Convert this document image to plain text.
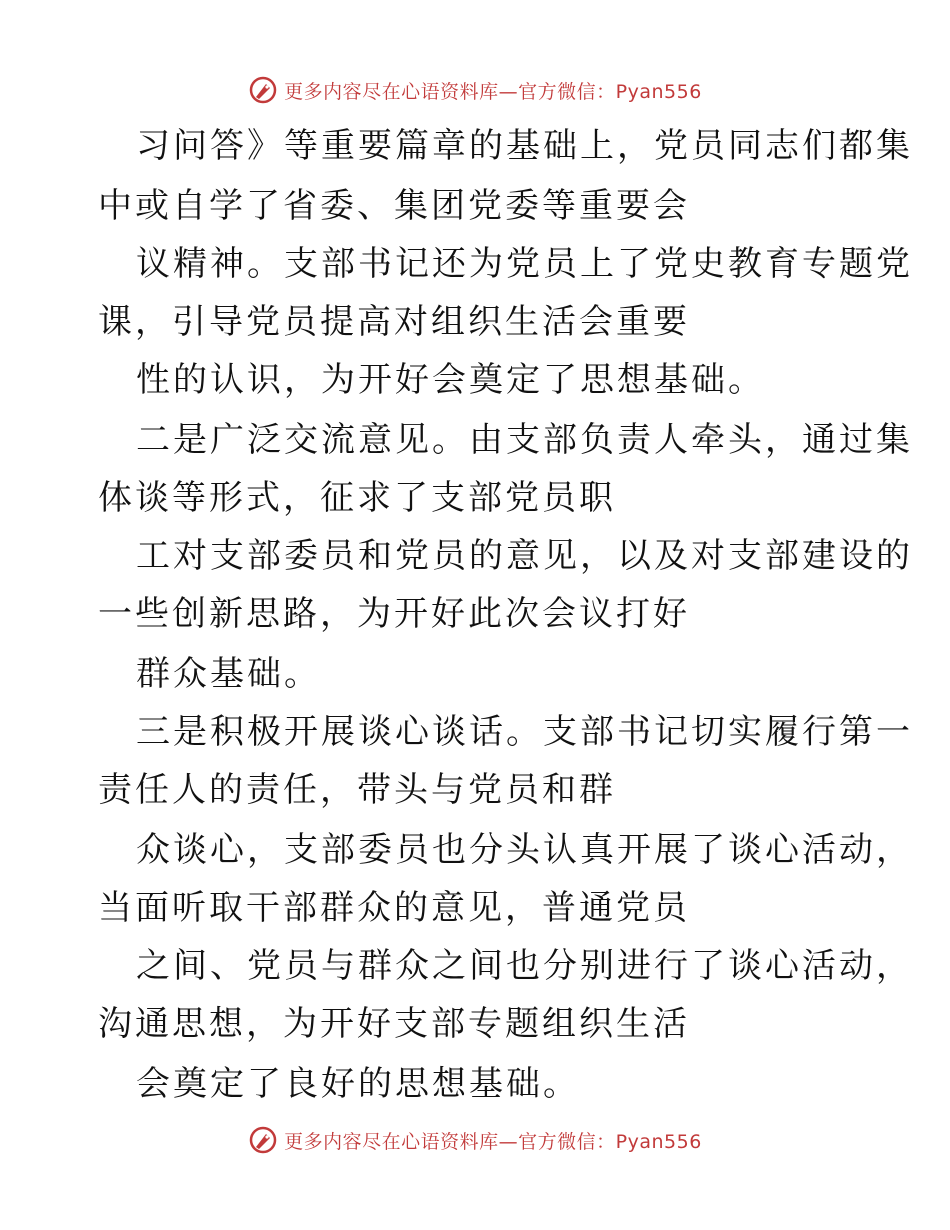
更多内容尽在心语资料库—官方微信：Pyan556
习问答》等重要篇章的基础上，党员同志们都集
中或自学了省委、集团党委等重要会
议精神。支部书记还为党员上了党史教育专题党
课，引导党员提高对组织生活会重要
性的认识，为开好会奠定了思想基础。
二是广泛交流意见。由支部负责人牵头，通过集
体谈等形式，征求了支部党员职
工对支部委员和党员的意见，以及对支部建设的
一些创新思路，为开好此次会议打好
群众基础。
三是积极开展谈心谈话。支部书记切实履行第一
责任人的责任，带头与党员和群
众谈心，支部委员也分头认真开展了谈心活动，
当面听取干部群众的意见，普通党员
之间、党员与群众之间也分别进行了谈心活动，
沟通思想，为开好支部专题组织生活
会奠定了良好的思想基础。
更多内容尽在心语资料库—官方微信：Pyan556
